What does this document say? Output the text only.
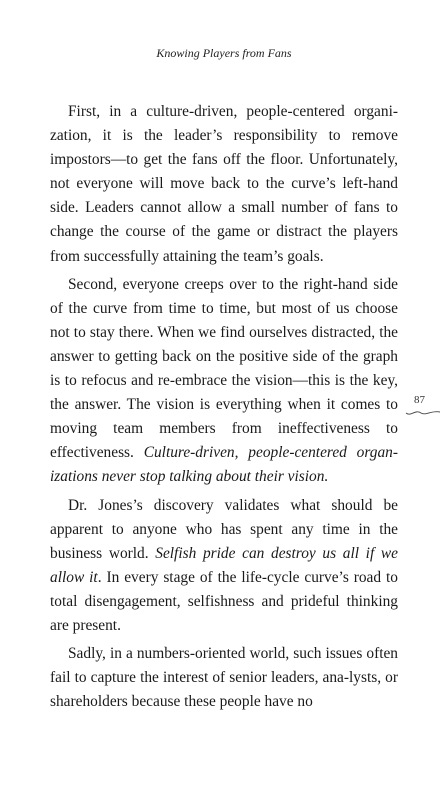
Knowing Players from Fans

First, in a culture-driven, people-centered organi-zation, it is the leader’s responsibility to remove impostors—to get the fans off the floor. Unfortunately, not everyone will move back to the curve’s left-hand side. Leaders cannot allow a small number of fans to change the course of the game or distract the players from successfully attaining the team’s goals.

Second, everyone creeps over to the right-hand side of the curve from time to time, but most of us choose not to stay there. When we find ourselves distracted, the answer to getting back on the positive side of the graph is to refocus and re-embrace the vision—this is the key, the answer. The vision is everything when it comes to moving team members from ineffectiveness to effectiveness. Culture-driven, people-centered organ-izations never stop talking about their vision.

Dr. Jones’s discovery validates what should be apparent to anyone who has spent any time in the business world. Selfish pride can destroy us all if we allow it. In every stage of the life-cycle curve’s road to total disengagement, selfishness and prideful thinking are present.

Sadly, in a numbers-oriented world, such issues often fail to capture the interest of senior leaders, ana-lysts, or shareholders because these people have no

87
